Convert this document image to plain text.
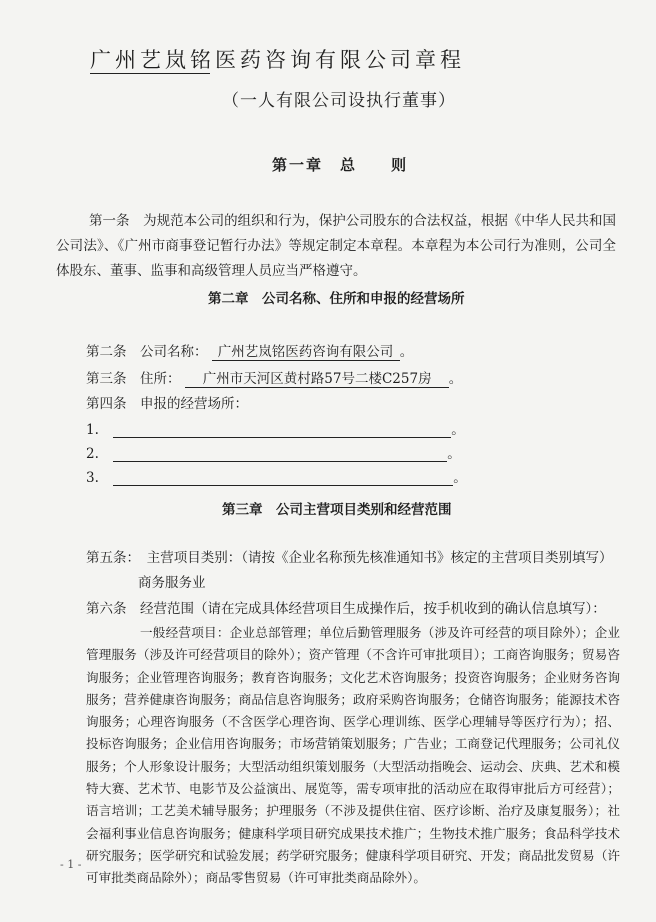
广州艺岚铭医药咨询有限公司章程
（一人有限公司设执行董事）
第一章　 总　　 则
第一条　 为规范本公司的组织和行为，保护公司股东的合法权益，根据《中华人民共和国公司法》、《广州市商事登记暂行办法》等规定制定本章程。本章程为本公司行为准则，公司全体股东、董事、监事和高级管理人员应当严格遵守。
第二章　公司名称、住所和申报的经营场所
第二条　 公司名称： 广州艺岚铭医药咨询有限公司 。
第三条　 住所： 广州市天河区黄村路57号二楼C257房 。
第四条　 申报的经营场所：
1.	。
2.	。
3.	。
第三章　公司主营项目类别和经营范围
第五条：  主营项目类别：（请按《企业名称预先核准通知书》核定的主营项目类别填写）
商务服务业
第六条　 经营范围（请在完成具体经营项目生成操作后，按手机收到的确认信息填写）：
一般经营项目：企业总部管理；单位后勤管理服务（涉及许可经营的项目除外）；企业管理服务（涉及许可经营项目的除外）；资产管理（不含许可审批项目）；工商咨询服务；贸易咨询服务；企业管理咨询服务；教育咨询服务；文化艺术咨询服务；投资咨询服务；企业财务咨询服务；营养健康咨询服务；商品信息咨询服务；政府采购咨询服务；仓储咨询服务；能源技术咨询服务；心理咨询服务（不含医学心理咨询、医学心理训练、医学心理辅导等医疗行为）；招、投标咨询服务；企业信用咨询服务；市场营销策划服务；广告业；工商登记代理服务；公司礼仪服务；个人形象设计服务；大型活动组织策划服务（大型活动指晚会、运动会、庆典、艺术和模特大赛、艺术节、电影节及公益演出、展览等，需专项审批的活动应在取得审批后方可经营）；语言培训；工艺美术辅导服务；护理服务（不涉及提供住宿、医疗诊断、治疗及康复服务）；社会福利事业信息咨询服务；健康科学项目研究成果技术推广；生物技术推广服务；食品科学技术研究服务；医学研究和试验发展；药学研究服务；健康科学项目研究、开发；商品批发贸易（许可审批类商品除外）；商品零售贸易（许可审批类商品除外）。
- 1 -
